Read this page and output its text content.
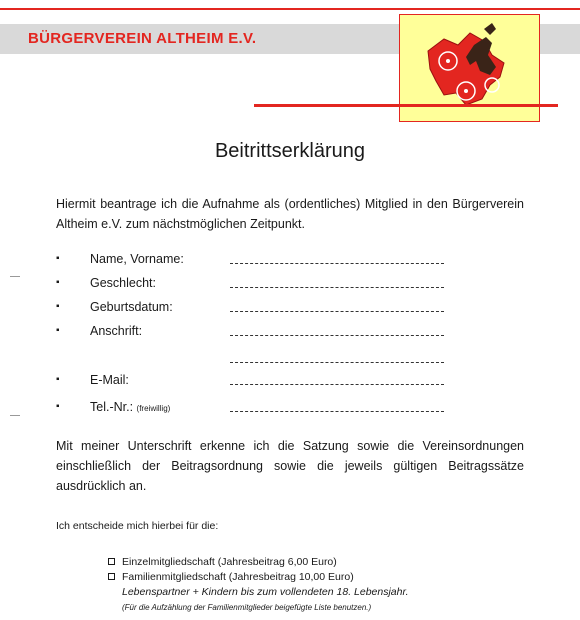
BÜRGERVEREIN ALTHEIM E.V.
Beitrittserklärung
Hiermit beantrage ich die Aufnahme als (ordentliches) Mitglied in den Bürgerverein Altheim e.V. zum nächstmöglichen Zeitpunkt.
▪	Name, Vorname:
▪	Geschlecht:
▪	Geburtsdatum:
▪	Anschrift:
▪	E-Mail:
▪	Tel.-Nr.: (freiwillig)
Mit meiner Unterschrift erkenne ich die Satzung sowie die Vereinsordnungen einschließlich der Beitragsordnung sowie die jeweils gültigen Beitragssätze ausdrücklich an.
Ich entscheide mich hierbei für die:
Einzelmitgliedschaft (Jahresbeitrag 6,00 Euro)
Familienmitgliedschaft (Jahresbeitrag 10,00 Euro)
Lebenspartner + Kindern bis zum vollendeten 18. Lebensjahr.
(Für die Aufzählung der Familienmitglieder beigefügte Liste benutzen.)
